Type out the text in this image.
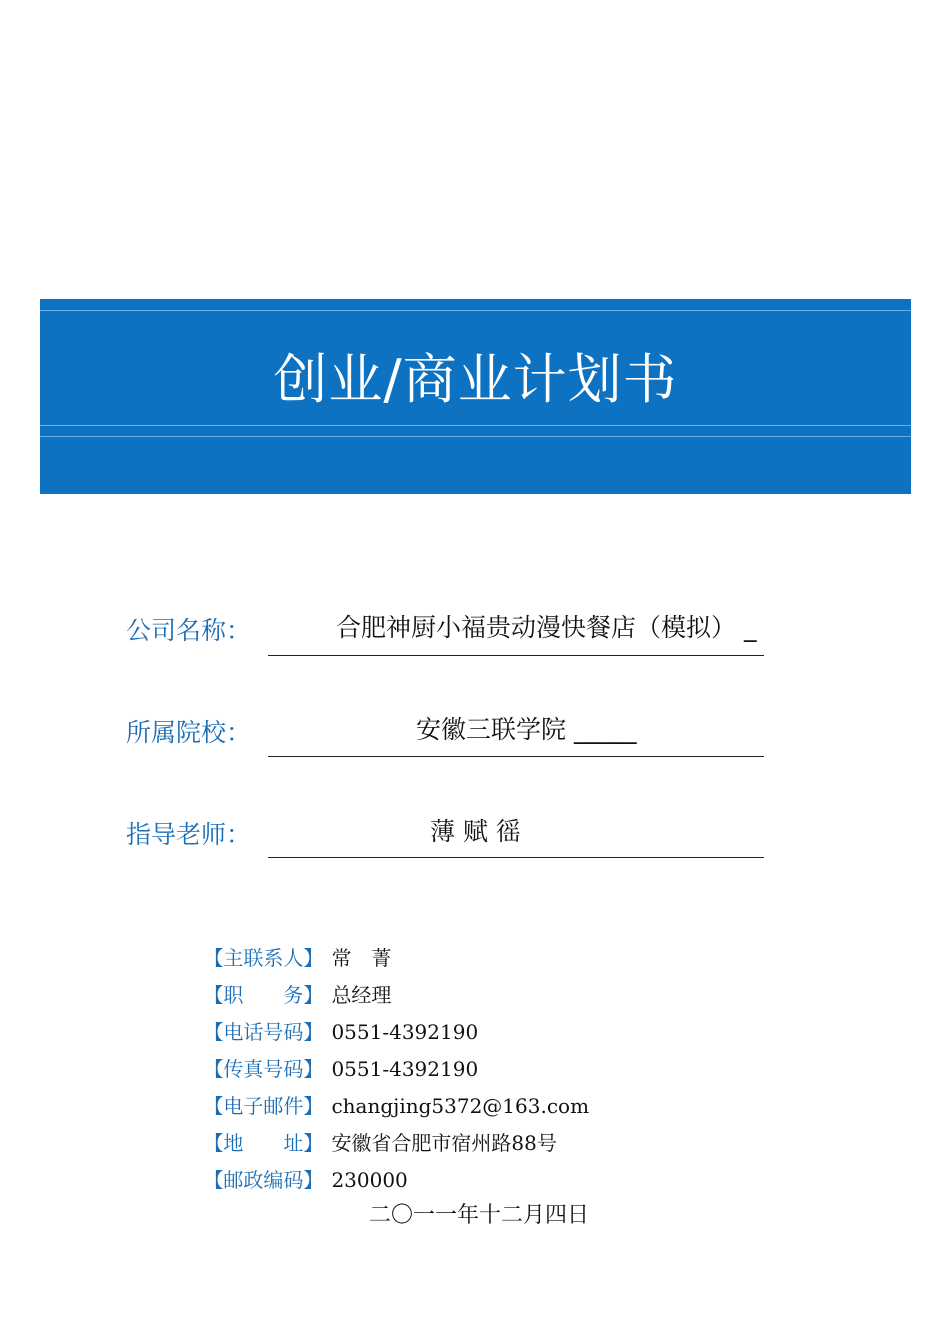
创业/商业计划书
公司名称：	合肥神厨小福贵动漫快餐店（模拟） _
所属院校：	安徽三联学院 _____
指导老师：	薄 赋 徭

【主联系人】 常　菁

【职　　务】 总经理

【电话号码】 0551-4392190

【传真号码】 0551-4392190

【电子邮件】 changjing5372@163.com

【地　　址】 安徽省合肥市宿州路88号

【邮政编码】 230000

二〇一一年十二月四日
